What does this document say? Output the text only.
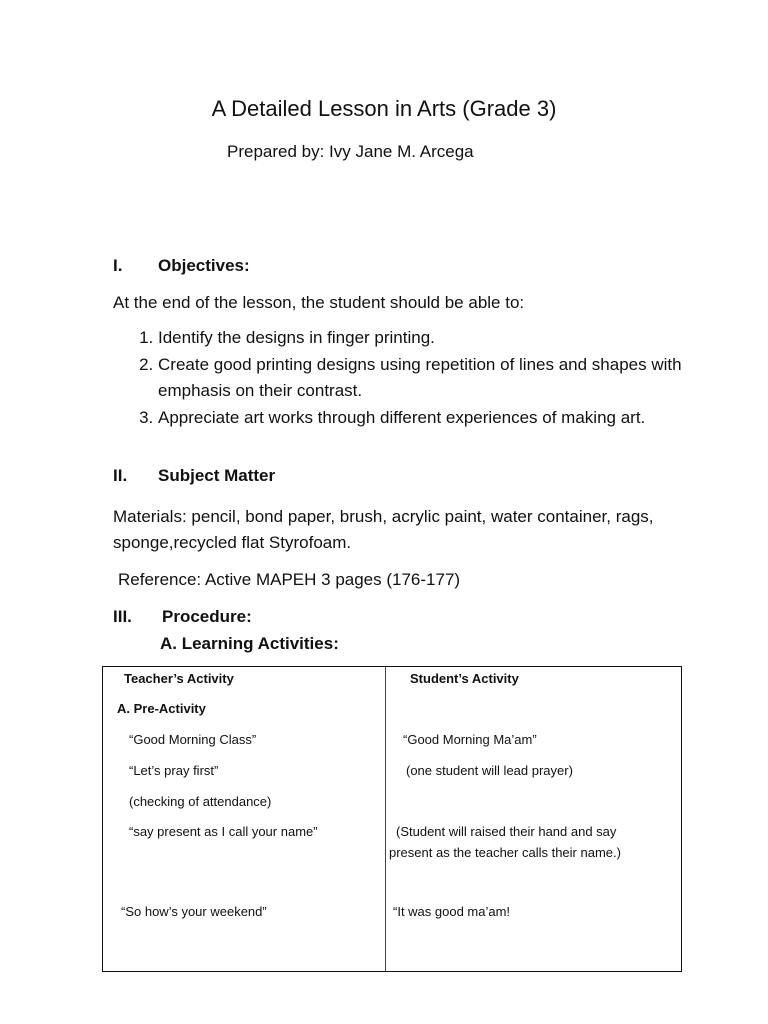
A Detailed Lesson in Arts (Grade 3)
Prepared by: Ivy Jane M. Arcega
I. Objectives:
At the end of the lesson, the student should be able to:
1. Identify the designs in finger printing.
2. Create good printing designs using repetition of lines and shapes with emphasis on their contrast.
3. Appreciate art works through different experiences of making art.
II. Subject Matter
Materials: pencil, bond paper, brush, acrylic paint, water container, rags, sponge,recycled flat Styrofoam.
Reference: Active MAPEH 3 pages (176-177)
III. Procedure:
A. Learning Activities:
Teacher’s Activity	Student’s Activity
A. Pre-Activity
“Good Morning Class”	“Good Morning Ma’am”
“Let’s pray first”	(one student will lead prayer)
(checking of attendance)
“say present as I call your name”	(Student will raised their hand and say
present as the teacher calls their name.)
“So how’s your weekend”	“It was good ma’am!
